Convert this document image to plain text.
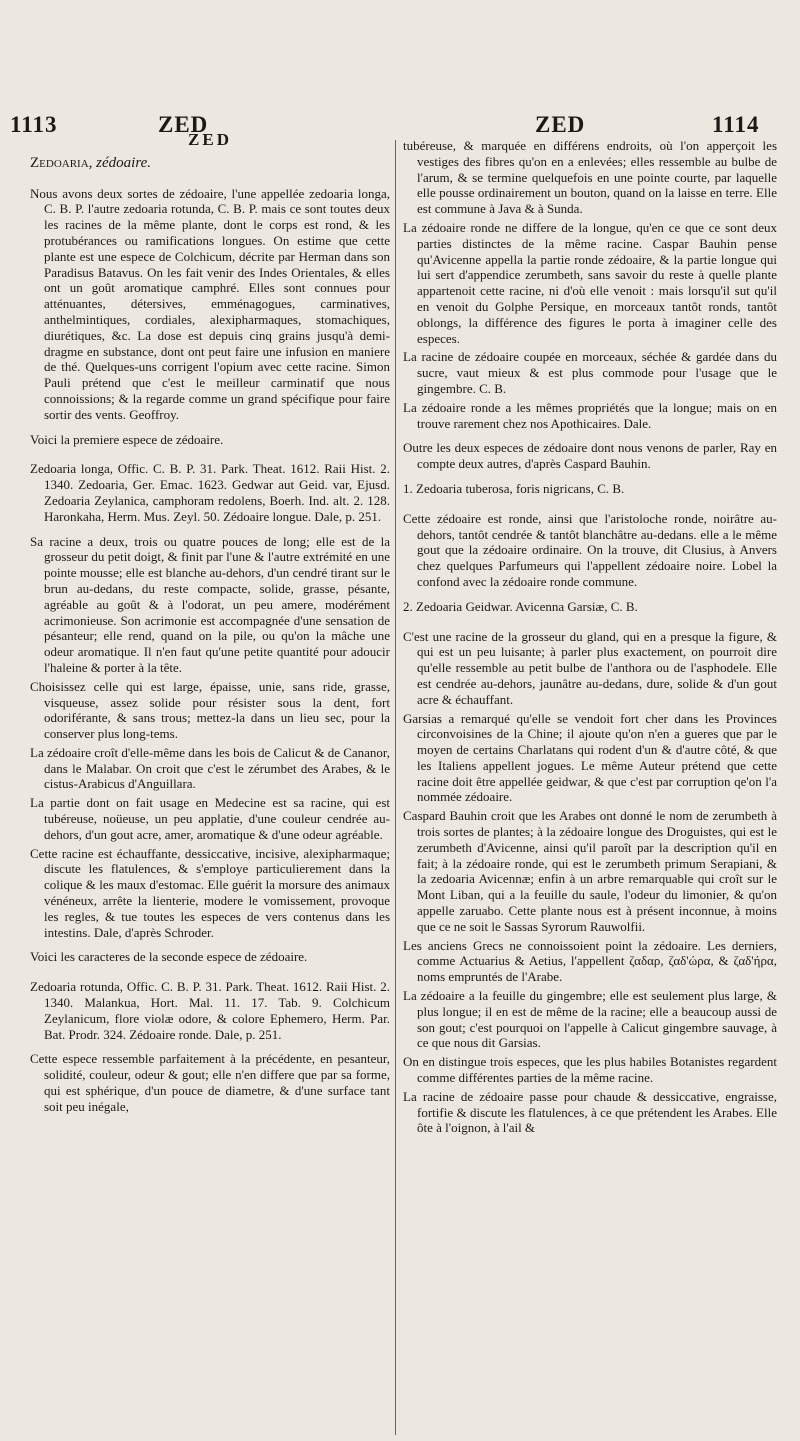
1113	ZED	ZED	1114

ZED

Zedoaria, zédoaire.

Nous avons deux sortes de zédoaire, l'une appellée zedoaria longa, C. B. P. l'autre zedoaria rotunda, C. B. P. mais ce sont toutes deux les racines de la même plante, dont le corps est rond, & les protubérances ou ramifications longues. On estime que cette plante est une espece de Colchicum, décrite par Herman dans son Paradisus Batavus. On les fait venir des Indes Orientales, & elles ont un goût aromatique camphré. Elles sont connues pour atténuantes, détersives, emménagogues, carminatives, anthelmintiques, cordiales, alexipharmaques, stomachiques, diurétiques, &c. La dose est depuis cinq grains jusqu'à demi-dragme en substance, dont ont peut faire une infusion en maniere de thé. Quelques-uns corrigent l'opium avec cette racine. Simon Pauli prétend que c'est le meilleur carminatif que nous connoissions; & la regarde comme un grand spécifique pour faire sortir des vents. Geoffroy.

Voici la premiere espece de zédoaire.

Zedoaria longa, Offic. C. B. P. 31. Park. Theat. 1612. Raii Hist. 2. 1340. Zedoaria, Ger. Emac. 1623. Gedwar aut Geid. var, Ejusd. Zedoaria Zeylanica, camphoram redolens, Boerh. Ind. alt. 2. 128. Haronkaha, Herm. Mus. Zeyl. 50. Zédoaire longue. Dale, p. 251.

Sa racine a deux, trois ou quatre pouces de long; elle est de la grosseur du petit doigt, & finit par l'une & l'autre extrémité en une pointe mousse; elle est blanche au-dehors, d'un cendré tirant sur le brun au-dedans, du reste compacte, solide, grasse, pésante, agréable au goût & à l'odorat, un peu amere, modérément acrimonieuse. Son acrimonie est accompagnée d'une sensation de pésanteur; elle rend, quand on la pile, ou qu'on la mâche une odeur aromatique. Il n'en faut qu'une petite quantité pour adoucir l'haleine & porter à la tête.

Choisissez celle qui est large, épaisse, unie, sans ride, grasse, visqueuse, assez solide pour résister sous la dent, fort odoriférante, & sans trous; mettez-la dans un lieu sec, pour la conserver plus long-tems.

La zédoaire croît d'elle-même dans les bois de Calicut & de Cananor, dans le Malabar. On croit que c'est le zérumbet des Arabes, & le cistus-Arabicus d'Anguillara.

La partie dont on fait usage en Medecine est sa racine, qui est tubéreuse, noüeuse, un peu applatie, d'une couleur cendrée au-dehors, d'un gout acre, amer, aromatique & d'une odeur agréable.

Cette racine est échauffante, dessiccative, incisive, alexipharmaque; discute les flatulences, & s'employe particulierement dans la colique & les maux d'estomac. Elle guérit la morsure des animaux vénéneux, arrête la lienterie, modere le vomissement, provoque les regles, & tue toutes les especes de vers contenus dans les intestins. Dale, d'après Schroder.

Voici les caracteres de la seconde espece de zédoaire.

Zedoaria rotunda, Offic. C. B. P. 31. Park. Theat. 1612. Raii Hist. 2. 1340. Malankua, Hort. Mal. 11. 17. Tab. 9. Colchicum Zeylanicum, flore violæ odore, & colore Ephemero, Herm. Par. Bat. Prodr. 324. Zédoaire ronde. Dale, p. 251.

Cette espece ressemble parfaitement à la précédente, en pesanteur, solidité, couleur, odeur & gout; elle n'en differe que par sa forme, qui est sphérique, d'un pouce de diametre, & d'une surface tant soit peu inégale,

tubéreuse, & marquée en différens endroits, où l'on apperçoit les vestiges des fibres qu'on en a enlevées; elles ressemble au bulbe de l'arum, & se termine quelquefois en une pointe courte, par laquelle elle pousse ordinairement un bouton, quand on la laisse en terre. Elle est commune à Java & à Sunda.

La zédoaire ronde ne differe de la longue, qu'en ce que ce sont deux parties distinctes de la même racine. Caspar Bauhin pense qu'Avicenne appella la partie ronde zédoaire, & la partie longue qui lui sert d'appendice zerumbeth, sans savoir du reste à quelle plante appartenoit cette racine, ni d'où elle venoit : mais lorsqu'il sut qu'il en venoit du Golphe Persique, en morceaux tantôt ronds, tantôt oblongs, la différence des figures le porta à imaginer celle des especes.

La racine de zédoaire coupée en morceaux, séchée & gardée dans du sucre, vaut mieux & est plus commode pour l'usage que le gingembre. C. B.

La zédoaire ronde a les mêmes propriétés que la longue; mais on en trouve rarement chez nos Apothicaires. Dale.

Outre les deux especes de zédoaire dont nous venons de parler, Ray en compte deux autres, d'après Caspard Bauhin.

1. Zedoaria tuberosa, foris nigricans, C. B.

Cette zédoaire est ronde, ainsi que l'aristoloche ronde, noirâtre au-dehors, tantôt cendrée & tantôt blanchâtre au-dedans. elle a le même gout que la zédoaire ordinaire. On la trouve, dit Clusius, à Anvers chez quelques Parfumeurs qui l'appellent zédoaire noire. Lobel la confond avec la zédoaire ronde commune.

2. Zedoaria Geidwar. Avicenna Garsiæ, C. B.

C'est une racine de la grosseur du gland, qui en a presque la figure, & qui est un peu luisante; à parler plus exactement, on pourroit dire qu'elle ressemble au petit bulbe de l'anthora ou de l'asphodele. Elle est cendrée au-dehors, jaunâtre au-dedans, dure, solide & d'un gout acre & échauffant.

Garsias a remarqué qu'elle se vendoit fort cher dans les Provinces circonvoisines de la Chine; il ajoute qu'on n'en a gueres que par le moyen de certains Charlatans qui rodent d'un & d'autre côté, & que les Italiens appellent jogues. Le même Auteur prétend que cette racine doit être appellée geidwar, & que c'est par corruption qe'on l'a nommée zédoaire.

Caspard Bauhin croit que les Arabes ont donné le nom de zerumbeth à trois sortes de plantes; à la zédoaire longue des Droguistes, qui est le zerumbeth d'Avicenne, ainsi qu'il paroît par la description qu'il en fait; à la zédoaire ronde, qui est le zerumbeth primum Serapiani, & la zedoaria Avicennæ; enfin à un arbre remarquable qui croît sur le Mont Liban, qui a la feuille du saule, l'odeur du limonier, & qu'on appelle zaruabo. Cette plante nous est à présent inconnue, à moins que ce ne soit le Sassas Syrorum Rauwolfii.

Les anciens Grecs ne connoissoient point la zédoaire. Les derniers, comme Actuarius & Aetius, l'appellent ζαδαρ, ζαδ'ώρα, & ζαδ'ήρα, noms empruntés de l'Arabe.

La zédoaire a la feuille du gingembre; elle est seulement plus large, & plus longue; il en est de même de la racine; elle a beaucoup aussi de son gout; c'est pourquoi on l'appelle à Calicut gingembre sauvage, à ce que nous dit Garsias.

On en distingue trois especes, que les plus habiles Botanistes regardent comme différentes parties de la même racine.

La racine de zédoaire passe pour chaude & dessiccative, engraisse, fortifie & discute les flatulences, à ce que prétendent les Arabes. Elle ôte à l'oignon, à l'ail &
